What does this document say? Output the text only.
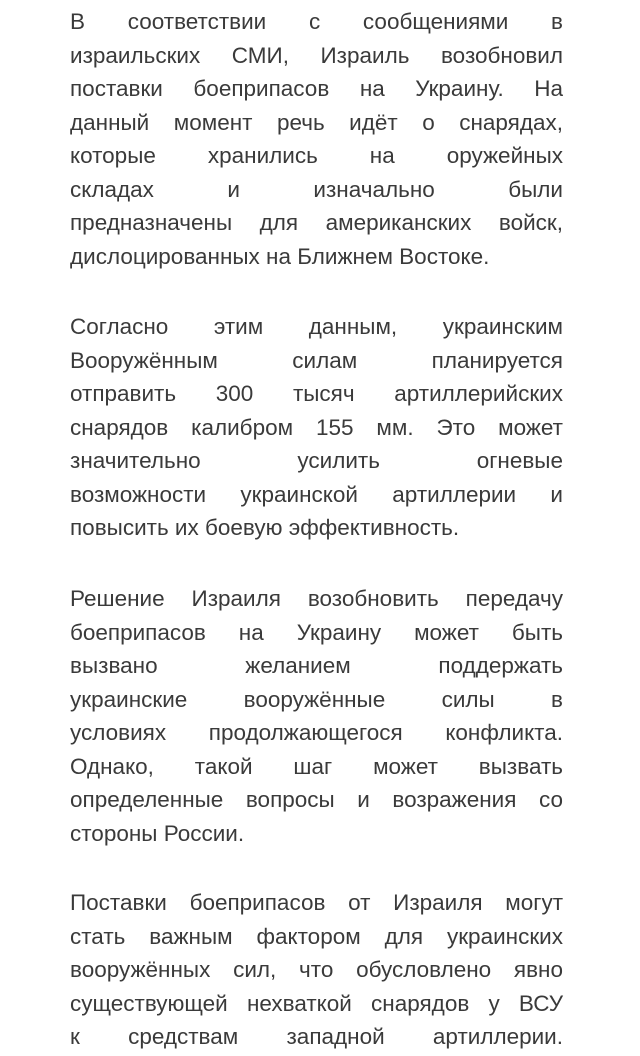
В соответствии с сообщениями в
израильских СМИ, Израиль возобновил
поставки боеприпасов на Украину. На
данный момент речь идёт о снарядах,
которые хранились на оружейных
складах и изначально были
предназначены для американских войск,
дислоцированных на Ближнем Востоке.
Согласно этим данным, украинским
Вооружённым силам планируется
отправить 300 тысяч артиллерийских
снарядов калибром 155 мм. Это может
значительно усилить огневые
возможности украинской артиллерии и
повысить их боевую эффективность.
Решение Израиля возобновить передачу
боеприпасов на Украину может быть
вызвано желанием поддержать
украинские вооружённые силы в
условиях продолжающегося конфликта.
Однако, такой шаг может вызвать
определенные вопросы и возражения со
стороны России.
Поставки боеприпасов от Израиля могут
стать важным фактором для украинских
вооружённых сил, что обусловлено явно
существующей нехваткой снарядов у ВСУ
к средствам западной артиллерии.
